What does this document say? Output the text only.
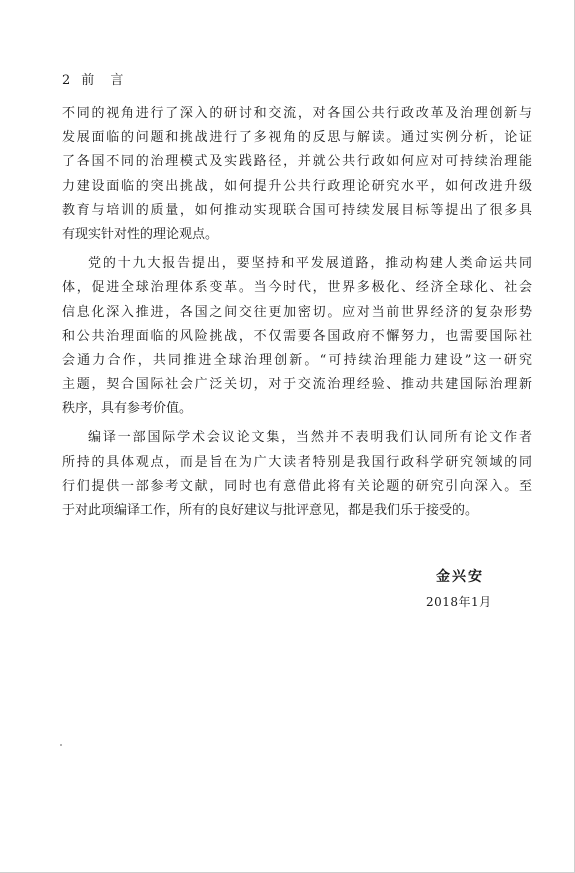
2 前 言
不同的视角进行了深入的研讨和交流，对各国公共行政改革及治理创新与
发展面临的问题和挑战进行了多视角的反思与解读。通过实例分析，论证
了各国不同的治理模式及实践路径，并就公共行政如何应对可持续治理能
力建设面临的突出挑战，如何提升公共行政理论研究水平，如何改进升级
教育与培训的质量，如何推动实现联合国可持续发展目标等提出了很多具
有现实针对性的理论观点。
党的十九大报告提出，要坚持和平发展道路，推动构建人类命运共同
体，促进全球治理体系变革。当今时代，世界多极化、经济全球化、社会
信息化深入推进，各国之间交往更加密切。应对当前世界经济的复杂形势
和公共治理面临的风险挑战，不仅需要各国政府不懈努力，也需要国际社
会通力合作，共同推进全球治理创新。“可持续治理能力建设”这一研究
主题，契合国际社会广泛关切，对于交流治理经验、推动共建国际治理新
秩序，具有参考价值。
编译一部国际学术会议论文集，当然并不表明我们认同所有论文作者
所持的具体观点，而是旨在为广大读者特别是我国行政科学研究领域的同
行们提供一部参考文献，同时也有意借此将有关论题的研究引向深入。至
于对此项编译工作，所有的良好建议与批评意见，都是我们乐于接受的。
金兴安
2018年1月
